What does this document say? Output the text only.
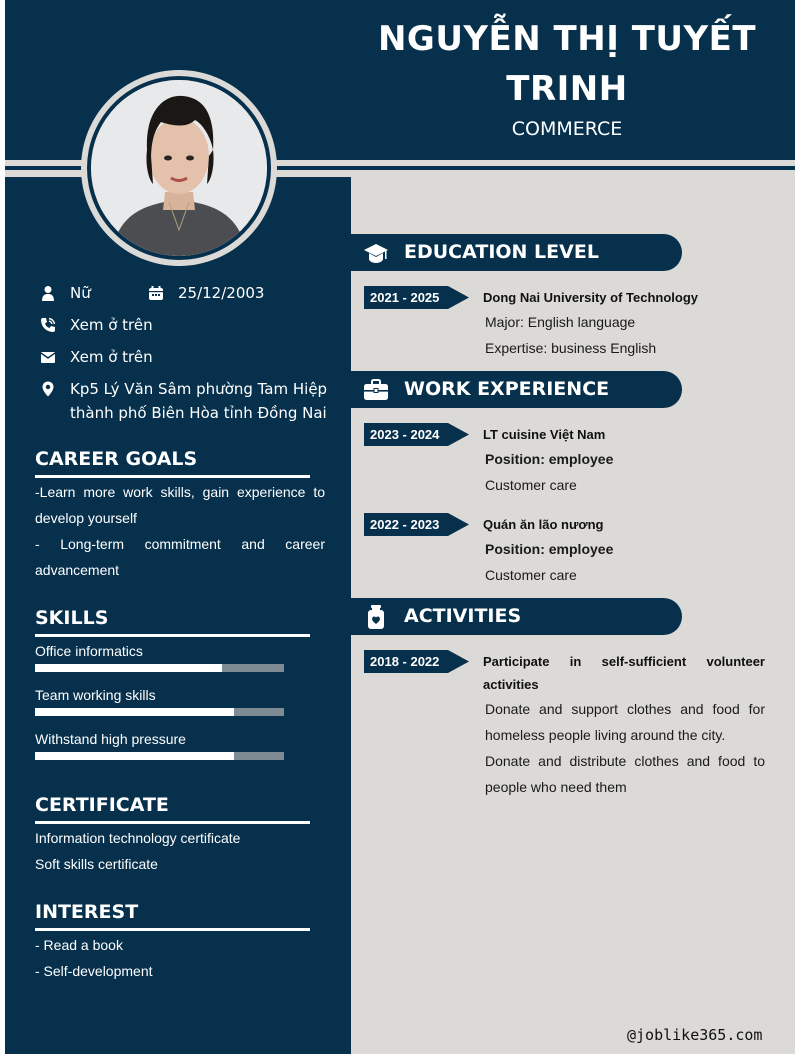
NGUYỄN THỊ TUYẾT
TRINH
COMMERCE
Nữ	25/12/2003
Xem ở trên
Xem ở trên
Kp5 Lý Văn Sâm phường Tam Hiệp
thành phố Biên Hòa tỉnh Đồng Nai
CAREER GOALS
-Learn more work skills, gain experience to develop yourself
- Long-term commitment and career advancement
SKILLS
Office informatics
Team working skills
Withstand high pressure
CERTIFICATE
Information technology certificate
Soft skills certificate
INTEREST
- Read a book
- Self-development
EDUCATION LEVEL
2021 - 2025	Dong Nai University of Technology
Major: English language
Expertise: business English
WORK EXPERIENCE
2023 - 2024	LT cuisine Việt Nam
Position: employee
Customer care
2022 - 2023	Quán ăn lão nương
Position: employee
Customer care
ACTIVITIES
2018 - 2022	Participate in self-sufficient volunteer activities
Donate and support clothes and food for homeless people living around the city.
Donate and distribute clothes and food to people who need them
@joblike365.com
